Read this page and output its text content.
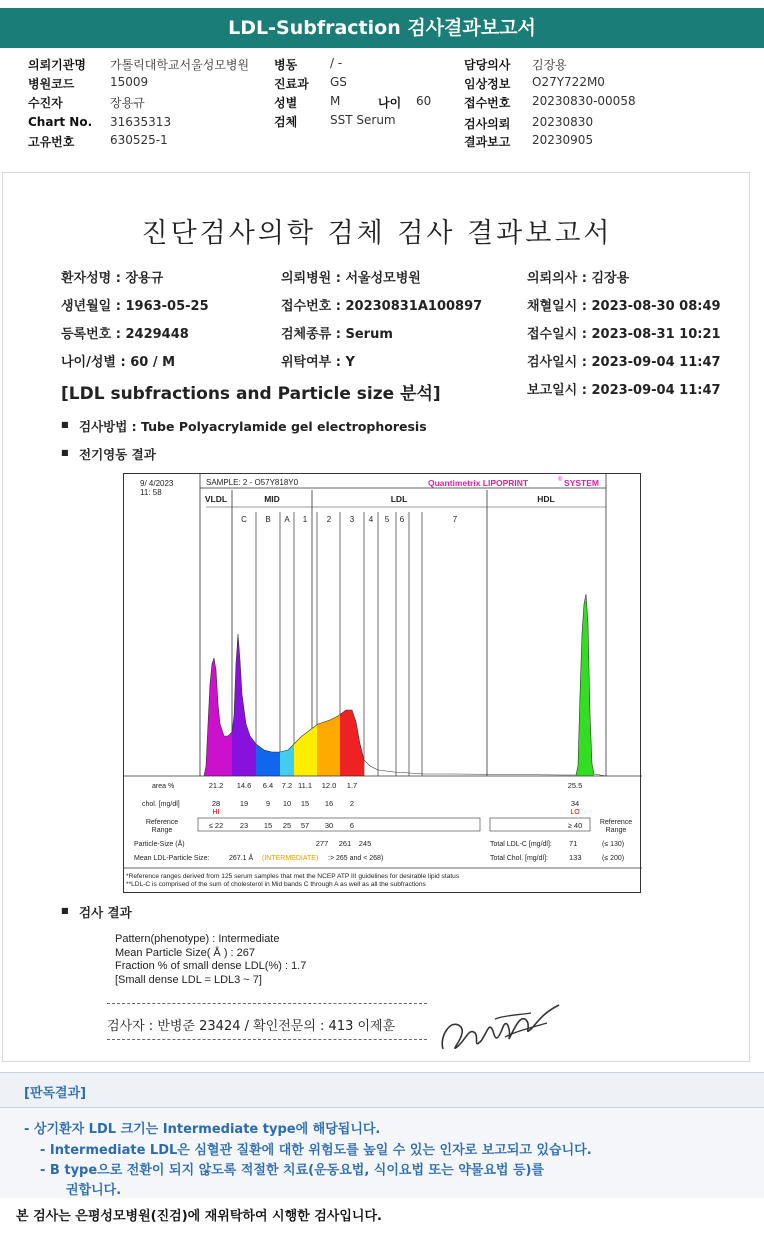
LDL-Subfraction 검사결과보고서
의뢰기관명 가톨릭대학교서울성모병원
병원코드	15009
수진자	장용규
Chart No. 31635313
고유번호	630525-1
병동	/ -
진료과 GS
성별	M	나이 60
검체	SST Serum
담당의사 김장용
임상정보 O27Y722M0
접수번호 20230830-00058
검사의뢰 20230830
결과보고 20230905
진단검사의학 검체 검사 결과보고서
환자성명 : 장용규	의뢰병원 : 서울성모병원	의뢰의사 : 김장용
생년월일 : 1963-05-25	접수번호 : 20230831A100897	채혈일시 : 2023-08-30 08:49
등록번호 : 2429448	검체종류 : Serum	접수일시 : 2023-08-31 10:21
나이/성별 : 60 / M	위탁여부 : Y	검사일시 : 2023-09-04 11:47
보고일시 : 2023-09-04 11:47
[LDL subfractions and Particle size 분석]
■ 검사방법 : Tube Polyacrylamide gel electrophoresis
■ 전기영동 결과
9/ 4/2023
11: 58
SAMPLE: 2 - O57Y818Y0	Quantimetrix LIPOPRINT	® SYSTEM
VLDL	MID	LDL	HDL
C B A 1 2 3 4 5 6	7
area %	21.2 14.6 6.4 7.2 11.1 12.0 1.7	25.5
chol. [mg/dl]	28	19 9 10 15 16 2	34
HI	LO
Reference
Range
≤ 22 23 15 25 57 30 6	≥ 40	Reference
Range
Particle-Size (Å)	277 261 245	Total LDL-C [mg/dl]: 71	(≤ 130)
Mean LDL-Particle Size:	267.1 Å (INTERMEDIATE) :> 265 and < 268)	Total Chol. [mg/dl]:	133	(≤ 200)
*Reference ranges derived from 125 serum samples that met the NCEP ATP III guidelines for desirable lipid status
**LDL-C is comprised of the sum of cholesterol in Mid bands C through A as well as all the subfractions
■ 검사 결과
Pattern(phenotype) : Intermediate
Mean Particle Size( Å ) : 267
Fraction % of small dense LDL(%) : 1.7
[Small dense LDL = LDL3 ~ 7]
검사자 : 반병준 23424 / 확인전문의 : 413 이제훈
[판독결과]
- 상기환자 LDL 크기는 Intermediate type에 해당됩니다.
- Intermediate LDL은 심혈관 질환에 대한 위험도를 높일 수 있는 인자로 보고되고 있습니다.
- B type으로 전환이 되지 않도록 적절한 치료(운동요법, 식이요법 또는 약물요법 등)를
권합니다.
본 검사는 은평성모병원(진검)에 재위탁하여 시행한 검사입니다.
